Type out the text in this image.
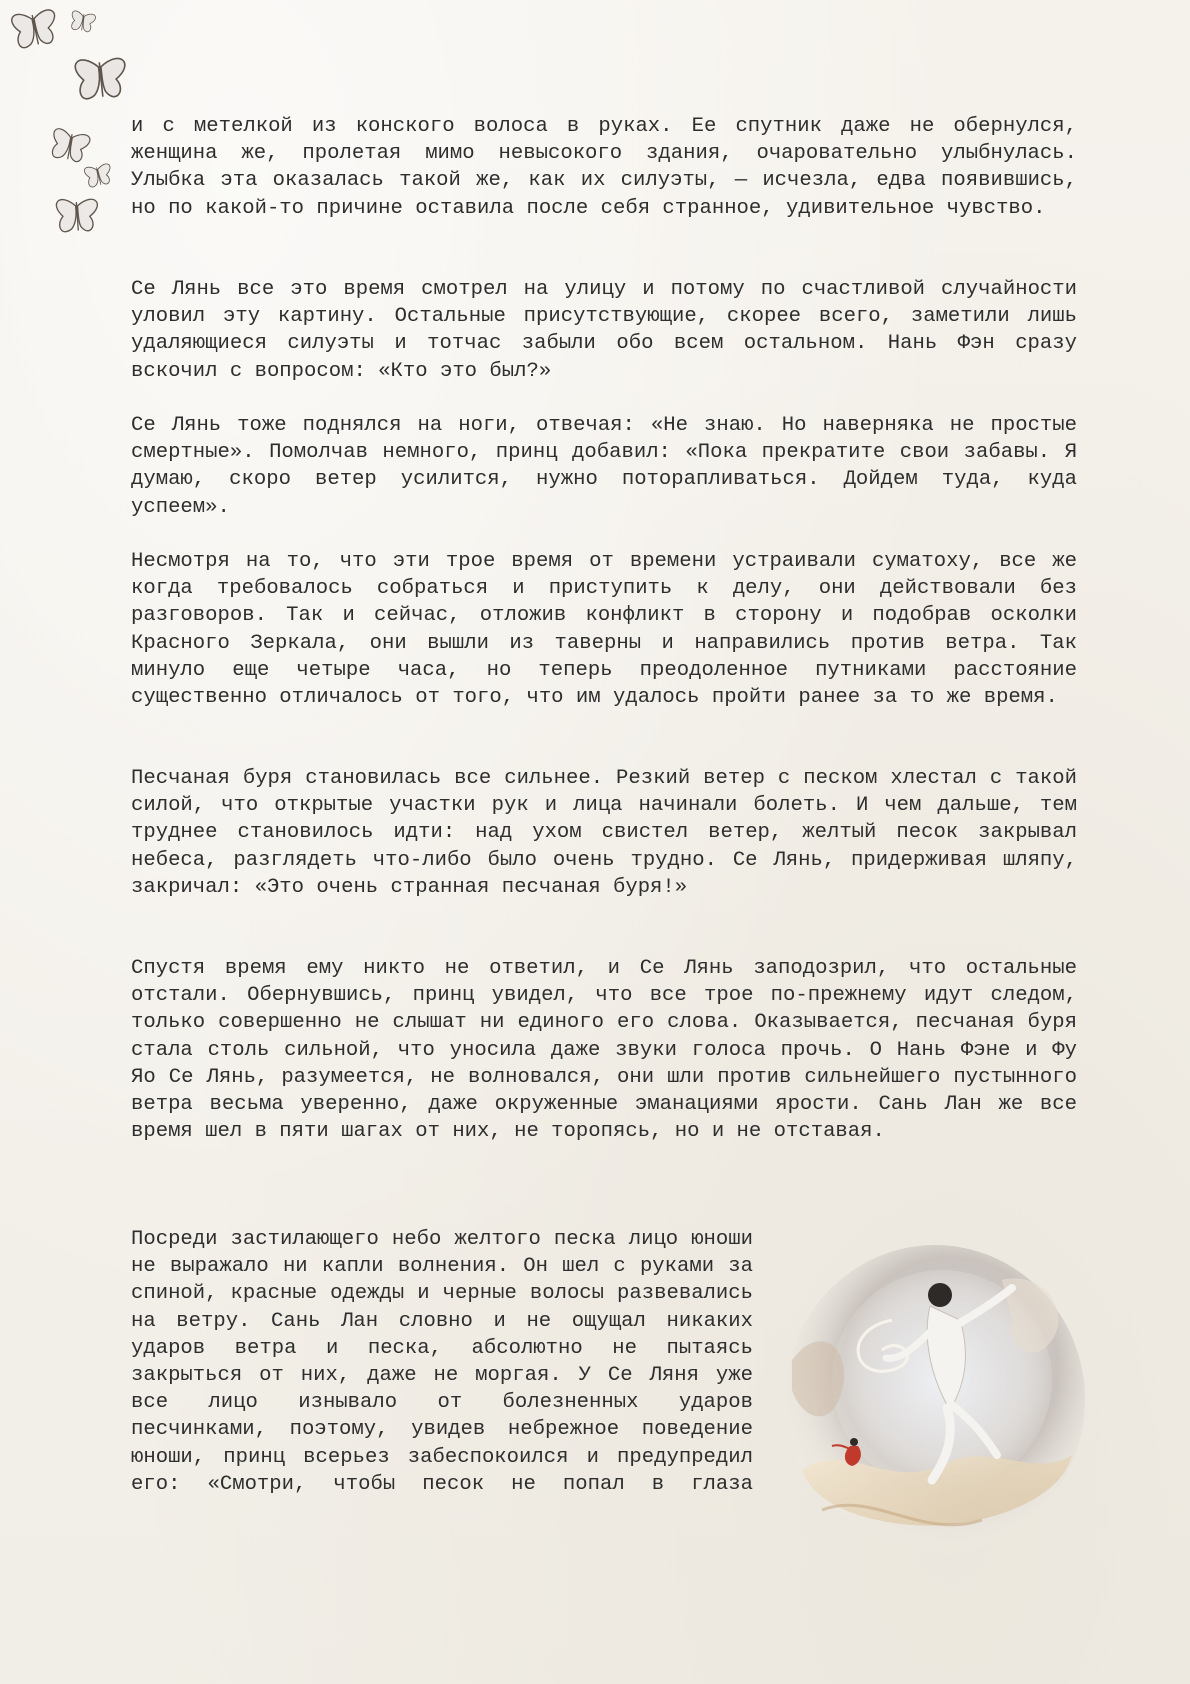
и с метелкой из конского волоса в руках. Ее спутник даже не обернулся, женщина же, пролетая мимо невысокого здания, очаровательно улыбнулась. Улыбка эта оказалась такой же, как их силуэты, — исчезла, едва появившись, но по какой-то причине оставила после себя странное, удивительное чувство.

Се Лянь все это время смотрел на улицу и потому по счастливой случайности уловил эту картину. Остальные присутствующие, скорее всего, заметили лишь удаляющиеся силуэты и тотчас забыли обо всем остальном. Нань Фэн сразу вскочил с вопросом: «Кто это был?»

Се Лянь тоже поднялся на ноги, отвечая: «Не знаю. Но наверняка не простые смертные». Помолчав немного, принц добавил: «Пока прекратите свои забавы. Я думаю, скоро ветер усилится, нужно поторапливаться. Дойдем туда, куда успеем».

Несмотря на то, что эти трое время от времени устраивали суматоху, все же когда требовалось собраться и приступить к делу, они действовали без разговоров. Так и сейчас, отложив конфликт в сторону и подобрав осколки Красного Зеркала, они вышли из таверны и направились против ветра. Так минуло еще четыре часа, но теперь преодоленное путниками расстояние существенно отличалось от того, что им удалось пройти ранее за то же время.

Песчаная буря становилась все сильнее. Резкий ветер с песком хлестал с такой силой, что открытые участки рук и лица начинали болеть. И чем дальше, тем труднее становилось идти: над ухом свистел ветер, желтый песок закрывал небеса, разглядеть что-либо было очень трудно. Се Лянь, придерживая шляпу, закричал: «Это очень странная песчаная буря!»

Спустя время ему никто не ответил, и Се Лянь заподозрил, что остальные отстали. Обернувшись, принц увидел, что все трое по-прежнему идут следом, только совершенно не слышат ни единого его слова. Оказывается, песчаная буря стала столь сильной, что уносила даже звуки голоса прочь. О Нань Фэне и Фу Яо Се Лянь, разумеется, не волновался, они шли против сильнейшего пустынного ветра весьма уверенно, даже окруженные эманациями ярости. Сань Лан же все время шел в пяти шагах от них, не торопясь, но и не отставая.

Посреди застилающего небо желтого песка лицо юноши не выражало ни капли волнения. Он шел с руками за спиной, красные одежды и черные волосы развевались на ветру. Сань Лан словно и не ощущал никаких ударов ветра и песка, абсолютно не пытаясь закрыться от них, даже не моргая. У Се Ляня уже все лицо изнывало от болезненных ударов песчинками, поэтому, увидев небрежное поведение юноши, принц всерьез забеспокоился и предупредил его: «Смотри, чтобы песок не попал в глаза
